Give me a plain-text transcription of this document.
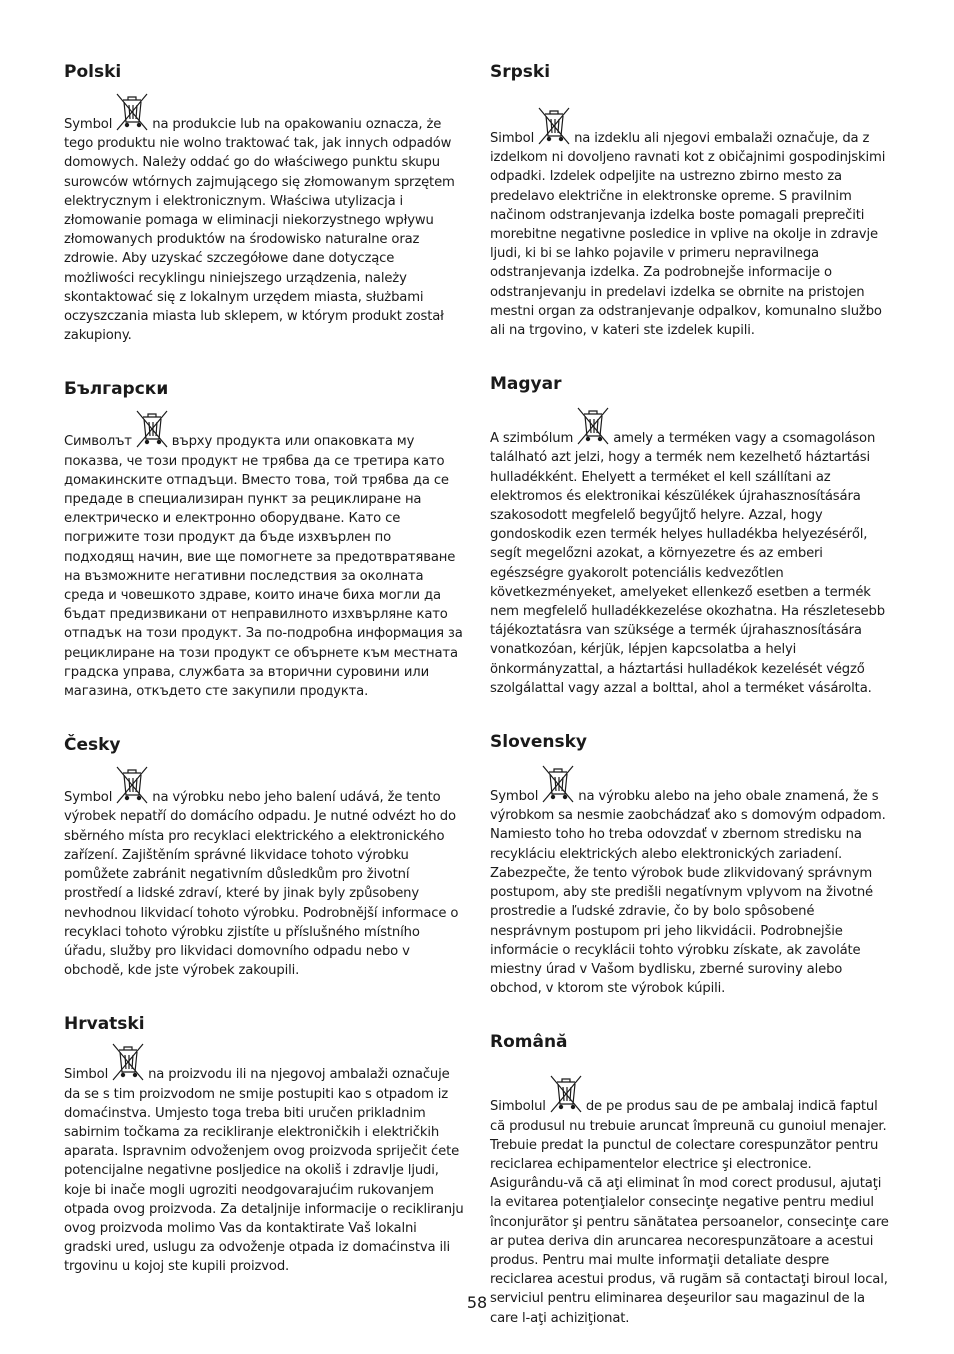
Polski

Symbol	na produkcie lub na opakowaniu oznacza, że tego produktu nie wolno traktować tak, jak innych odpadów domowych. Należy oddać go do właściwego punktu skupu surowców wtórnych zajmującego się złomowanym sprzętem elektrycznym i elektronicznym. Właściwa utylizacja i złomowanie pomaga w eliminacji niekorzystnego wpływu złomowanych produktów na środowisko naturalne oraz zdrowie. Aby uzyskać szczegółowe dane dotyczące możliwości recyklingu niniejszego urządzenia, należy skontaktować się z lokalnym urzędem miasta, służbami oczyszczania miasta lub sklepem, w którym produkt został zakupiony.

Български

Символът	върху продукта или опаковката му показва, че този продукт не трябва да се третира като домакинските отпадъци. Вместо това, той трябва да се предаде в специализиран пункт за рециклиране на електрическо и електронно оборудване. Като се погрижите този продукт да бъде изхвърлен по подходящ начин, вие ще помогнете за предотвратяване на възможните негативни последствия за околната среда и човешкото здраве, които иначе биха могли да бъдат предизвикани от неправилното изхвърляне като отпадък на този продукт. За по-подробна информация за рециклиране на този продукт се обърнете към местната градска управа, службата за вторични суровини или магазина, откъдето сте закупили продукта.

Česky

Symbol	na výrobku nebo jeho balení udává, že tento výrobek nepatří do domácího odpadu. Je nutné odvézt ho do sběrného místa pro recyklaci elektrického a elektronického zařízení. Zajištěním správné likvidace tohoto výrobku pomůžete zabránit negativním důsledkům pro životní prostředí a lidské zdraví, které by jinak byly způsobeny nevhodnou likvidací tohoto výrobku. Podrobnější informace o recyklaci tohoto výrobku zjistíte u příslušného místního úřadu, služby pro likvidaci domovního odpadu nebo v obchodě, kde jste výrobek zakoupili.

Hrvatski

Simbol	na proizvodu ili na njegovoj ambalaži označuje da se s tim proizvodom ne smije postupiti kao s otpadom iz domaćinstva. Umjesto toga treba biti uručen prikladnim sabirnim točkama za recikliranje elektroničkih i električkih aparata. Ispravnim odvoženjem ovog proizvoda spriječit ćete potencijalne negativne posljedice na okoliš i zdravlje ljudi, koje bi inače mogli ugroziti neodgovarajućim rukovanjem otpada ovog proizvoda. Za detaljnije informacije o recikliranju ovog proizvoda molimo Vas da kontaktirate Vaš lokalni gradski ured, uslugu za odvoženje otpada iz domaćinstva ili trgovinu u kojoj ste kupili proizvod.

Srpski

Simbol	na izdeklu ali njegovi embalaži označuje, da z izdelkom ni dovoljeno ravnati kot z običajnimi gospodinjskimi odpadki. Izdelek odpeljite na ustrezno zbirno mesto za predelavo električne in elektronske opreme. S pravilnim načinom odstranjevanja izdelka boste pomagali preprečiti morebitne negativne posledice in vplive na okolje in zdravje ljudi, ki bi se lahko pojavile v primeru nepravilnega odstranjevanja izdelka. Za podrobnejše informacije o odstranjevanju in predelavi izdelka se obrnite na pristojen mestni organ za odstranjevanje odpalkov, komunalno službo ali na trgovino, v kateri ste izdelek kupili.

Magyar

A szimbólum	amely a terméken vagy a csomagoláson található azt jelzi, hogy a termék nem kezelhető háztartási hulladékként. Ehelyett a terméket el kell szállítani az elektromos és elektronikai készülékek újrahasznosítására szakosodott megfelelő begyűjtő helyre. Azzal, hogy gondoskodik ezen termék helyes hulladékba helyezéséről, segít megelőzni azokat, a környezetre és az emberi egészségre gyakorolt potenciális kedvezőtlen következményeket, amelyeket ellenkező esetben a termék nem megfelelő hulladékkezelése okozhatna. Ha részletesebb tájékoztatásra van szüksége a termék újrahasznosítására vonatkozóan, kérjük, lépjen kapcsolatba a helyi önkormányzattal, a háztartási hulladékok kezelését végző szolgálattal vagy azzal a bolttal, ahol a terméket vásárolta.

Slovensky

Symbol	na výrobku alebo na jeho obale znamená, že s výrobkom sa nesmie zaobchádzať ako s domovým odpadom. Namiesto toho ho treba odovzdať v zbernom stredisku na recykláciu elektrických alebo elektronických zariadení. Zabezpečte, že tento výrobok bude zlikvidovaný správnym postupom, aby ste predišli negatívnym vplyvom na životné prostredie a ľudské zdravie, čo by bolo spôsobené nesprávnym postupom pri jeho likvidácii. Podrobnejšie informácie o recyklácii tohto výrobku získate, ak zavoláte miestny úrad v Vašom bydlisku, zberné suroviny alebo obchod, v ktorom ste výrobok kúpili.

Română

Simbolul	de pe produs sau de pe ambalaj indică faptul că produsul nu trebuie aruncat împreună cu gunoiul menajer. Trebuie predat la punctul de colectare corespunzător pentru reciclarea echipamentelor electrice şi electronice. Asigurându-vă că aţi eliminat în mod corect produsul, ajutaţi la evitarea potenţialelor consecinţe negative pentru mediul înconjurător şi pentru sănătatea persoanelor, consecinţe care ar putea deriva din aruncarea necorespunzătoare a acestui produs. Pentru mai multe informaţii detaliate despre reciclarea acestui produs, vă rugăm să contactaţi biroul local, serviciul pentru eliminarea deşeurilor sau magazinul de la care l-aţi achiziţionat.

58
